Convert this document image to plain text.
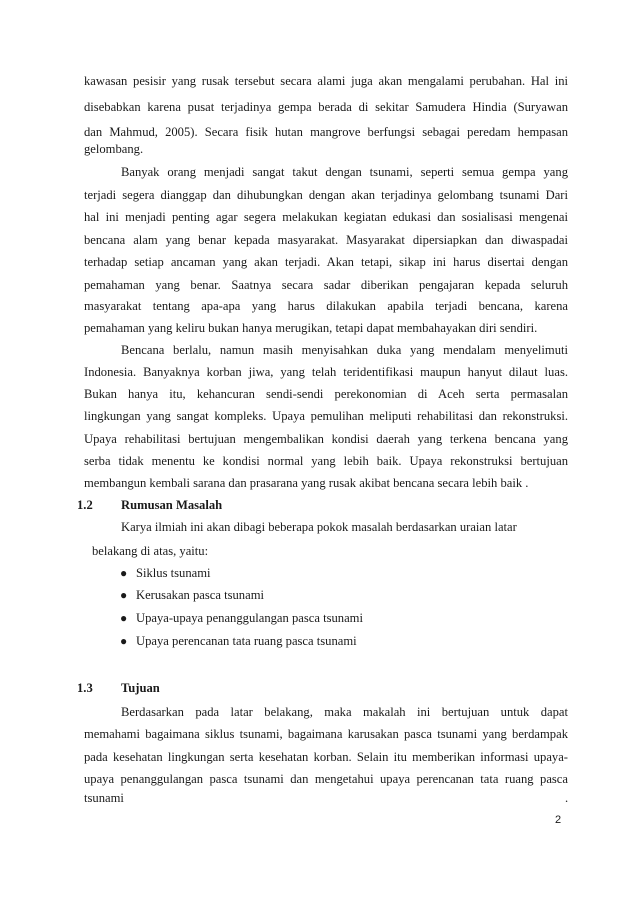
kawasan pesisir yang rusak tersebut secara alami juga akan mengalami perubahan. Hal ini
disebabkan karena pusat terjadinya gempa berada di sekitar Samudera Hindia (Suryawan
dan Mahmud, 2005). Secara fisik hutan mangrove berfungsi sebagai peredam hempasan
gelombang.
Banyak orang menjadi sangat takut dengan tsunami, seperti semua gempa yang
terjadi segera dianggap dan dihubungkan dengan akan terjadinya gelombang tsunami Dari
hal ini menjadi penting agar segera melakukan kegiatan edukasi dan sosialisasi mengenai
bencana alam yang benar kepada masyarakat. Masyarakat dipersiapkan dan diwaspadai
terhadap setiap ancaman yang akan terjadi. Akan tetapi, sikap ini harus disertai dengan
pemahaman yang benar. Saatnya secara sadar diberikan pengajaran kepada seluruh
masyarakat tentang apa-apa yang harus dilakukan apabila terjadi bencana, karena
pemahaman yang keliru bukan hanya merugikan, tetapi dapat membahayakan diri sendiri.
Bencana berlalu, namun masih menyisahkan duka yang mendalam menyelimuti
Indonesia. Banyaknya korban jiwa, yang telah teridentifikasi maupun hanyut dilaut luas.
Bukan hanya itu, kehancuran sendi-sendi perekonomian di Aceh serta permasalan
lingkungan yang sangat kompleks. Upaya pemulihan meliputi rehabilitasi dan rekonstruksi.
Upaya rehabilitasi bertujuan mengembalikan kondisi daerah yang terkena bencana yang
serba tidak menentu ke kondisi normal yang lebih baik. Upaya rekonstruksi bertujuan
membangun kembali sarana dan prasarana yang rusak akibat bencana secara lebih baik .
1.2 Rumusan Masalah
Karya ilmiah ini akan dibagi beberapa pokok masalah berdasarkan uraian latar
belakang di atas, yaitu:
● Siklus tsunami
● Kerusakan pasca tsunami
● Upaya-upaya penanggulangan pasca tsunami
● Upaya perencanan tata ruang pasca tsunami
1.3 Tujuan
Berdasarkan pada latar belakang, maka makalah ini bertujuan untuk dapat
memahami bagaimana siklus tsunami, bagaimana karusakan pasca tsunami yang berdampak
pada kesehatan lingkungan serta kesehatan korban. Selain itu memberikan informasi upaya-
upaya penanggulangan pasca tsunami dan mengetahui upaya perencanan tata ruang pasca
tsunami	.
2
